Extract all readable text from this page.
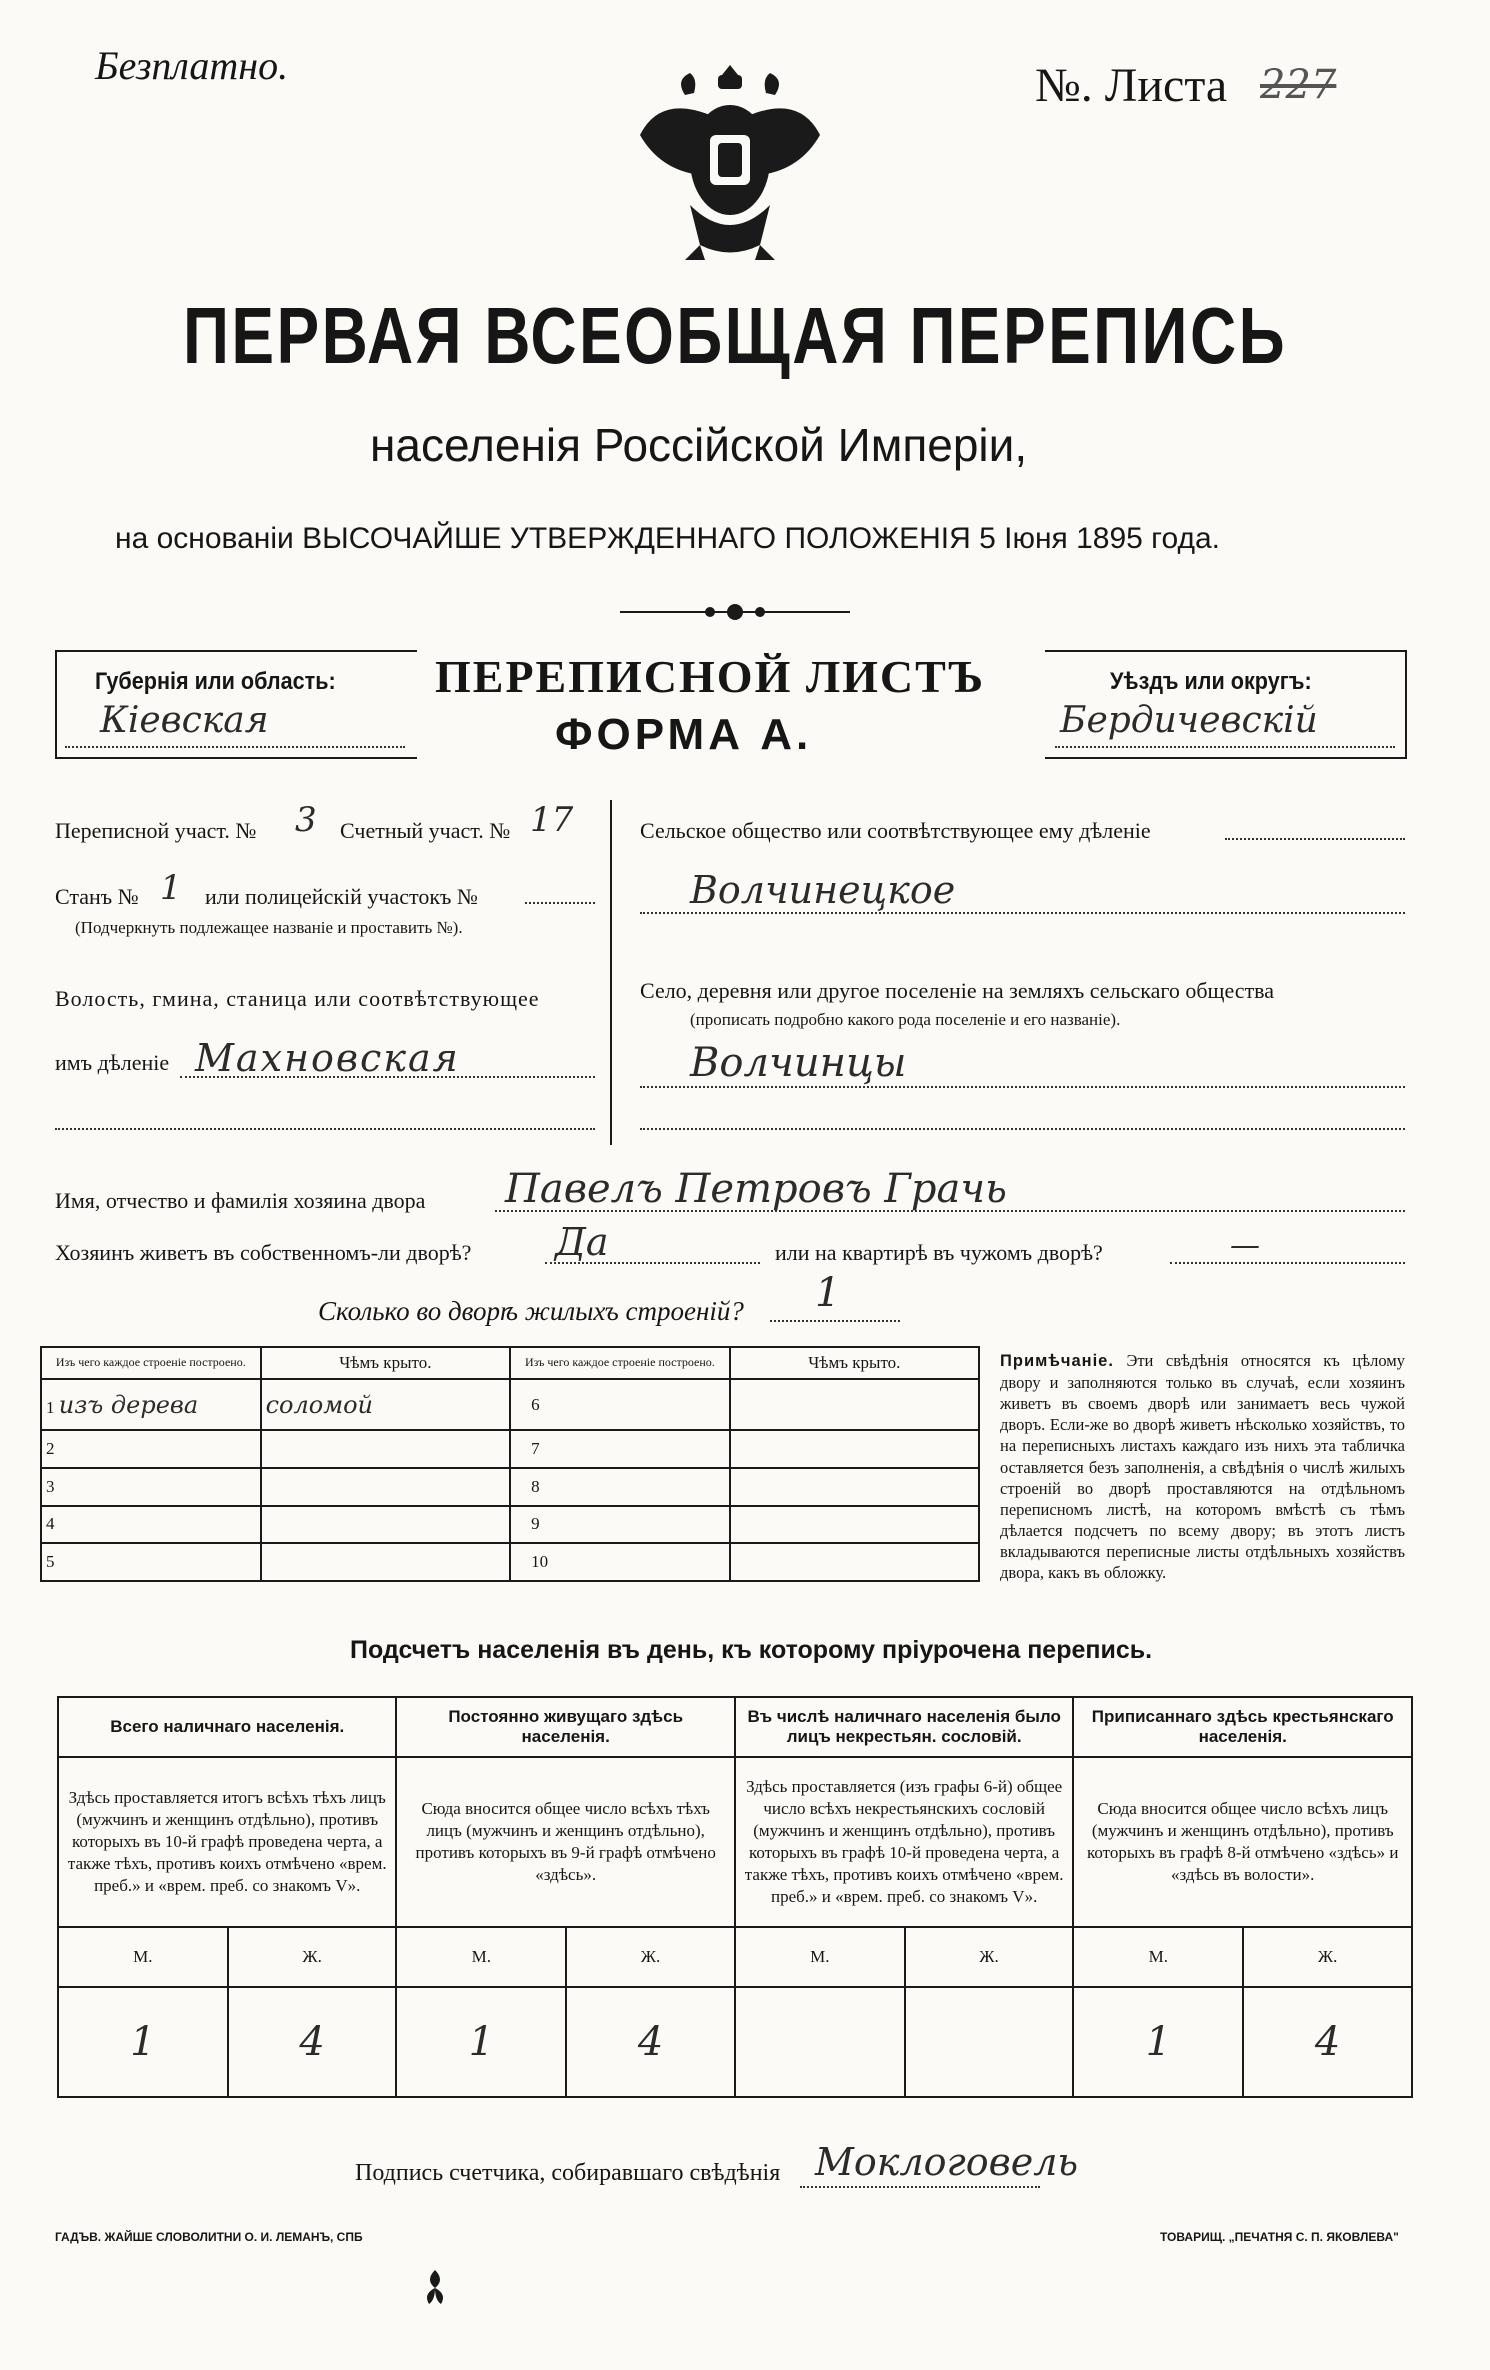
Безплатно.	№. Листа 227
ПЕРВАЯ ВСЕОБЩАЯ ПЕРЕПИСЬ
населенія Россійской Имперіи,
на основаніи ВЫСОЧАЙШЕ УТВЕРЖДЕННАГО ПОЛОЖЕНІЯ 5 Іюня 1895 года.
Губернія или область:
Кіевская
ПЕРЕПИСНОЙ ЛИСТЪ
ФОРМА А.
Уѣздъ или округъ:
Бердичевскій
Переписной участ. № 3 Счетный участ. № 17
Станъ № 1 или полицейскій участокъ №
(Подчеркнуть подлежащее названіе и проставить №).
Волость, гмина, станица или соотвѣтствующее
имъ дѣленіе Махновская
Сельское общество или соотвѣтствующее ему дѣленіе
Волчинецкое
Село, деревня или другое поселеніе на земляхъ сельскаго общества
(прописать подробно какого рода поселеніе и его названіе).
Волчинцы
Имя, отчество и фамилія хозяина двора Павелъ Петровъ Грачь
Хозяинъ живетъ въ собственномъ-ли дворѣ? Да	или на квартирѣ въ чужомъ дворѣ?	—
Сколько во дворѣ жилыхъ строеній? 1
Изъ чего каждое строеніе построено.	Чѣмъ крыто.	Изъ чего каждое строеніе построено.	Чѣмъ крыто.
1 изъ дерева	соломой	6	
2		7	
3		8	
4		9	
5		10	
Примѣчаніе. Эти свѣдѣнія относятся къ цѣлому двору и заполняются только въ случаѣ, если хозяинъ живетъ въ своемъ дворѣ или занимаетъ весь чужой дворъ. Если-же во дворѣ живетъ нѣсколько хозяйствъ, то на переписныхъ листахъ каждаго изъ нихъ эта табличка оставляется безъ заполненія, а свѣдѣнія о числѣ жилыхъ строеній во дворѣ проставляются на отдѣльномъ переписномъ листѣ, на которомъ вмѣстѣ съ тѣмъ дѣлается подсчетъ по всему двору; въ этотъ листъ вкладываются переписные листы отдѣльныхъ хозяйствъ двора, какъ въ обложку.
Подсчетъ населенія въ день, къ которому пріурочена перепись.
Всего наличнаго населенія.		Постоянно живущаго здѣсь населенія.		Въ числѣ наличнаго населенія было лицъ некрестьян. сословій.		Приписаннаго здѣсь крестьянскаго населенія.	
Здѣсь проставляется итогъ всѣхъ тѣхъ лицъ (мужчинъ и женщинъ отдѣльно), противъ которыхъ въ 10-й графѣ проведена черта, а также тѣхъ, противъ коихъ отмѣчено «врем. преб.» и «врем. преб. со знакомъ V».		Сюда вносится общее число всѣхъ тѣхъ лицъ (мужчинъ и женщинъ отдѣльно), противъ которыхъ въ 9-й графѣ отмѣчено «здѣсь».		Здѣсь проставляется (изъ графы 6-й) общее число всѣхъ некрестьянскихъ сословій (мужчинъ и женщинъ отдѣльно), противъ которыхъ въ графѣ 10-й проведена черта, а также тѣхъ, противъ коихъ отмѣчено «врем. преб.» и «врем. преб. со знакомъ V».		Сюда вносится общее число всѣхъ лицъ (мужчинъ и женщинъ отдѣльно), противъ которыхъ въ графѣ 8-й отмѣчено «здѣсь» и «здѣсь въ волости».	
М.	Ж.	М.	Ж.	М.	Ж.	М.	Ж.
1	4	1	4			1	4
Подпись счетчика, собиравшаго свѣдѣнія Моклоговель
ГАДЪВ. ЖАЙШЕ СЛОВОЛИТНИ О. И. ЛЕМАНЪ, СПБ	ТОВАРИЩ. „ПЕЧАТНЯ С. П. ЯКОВЛЕВА"
